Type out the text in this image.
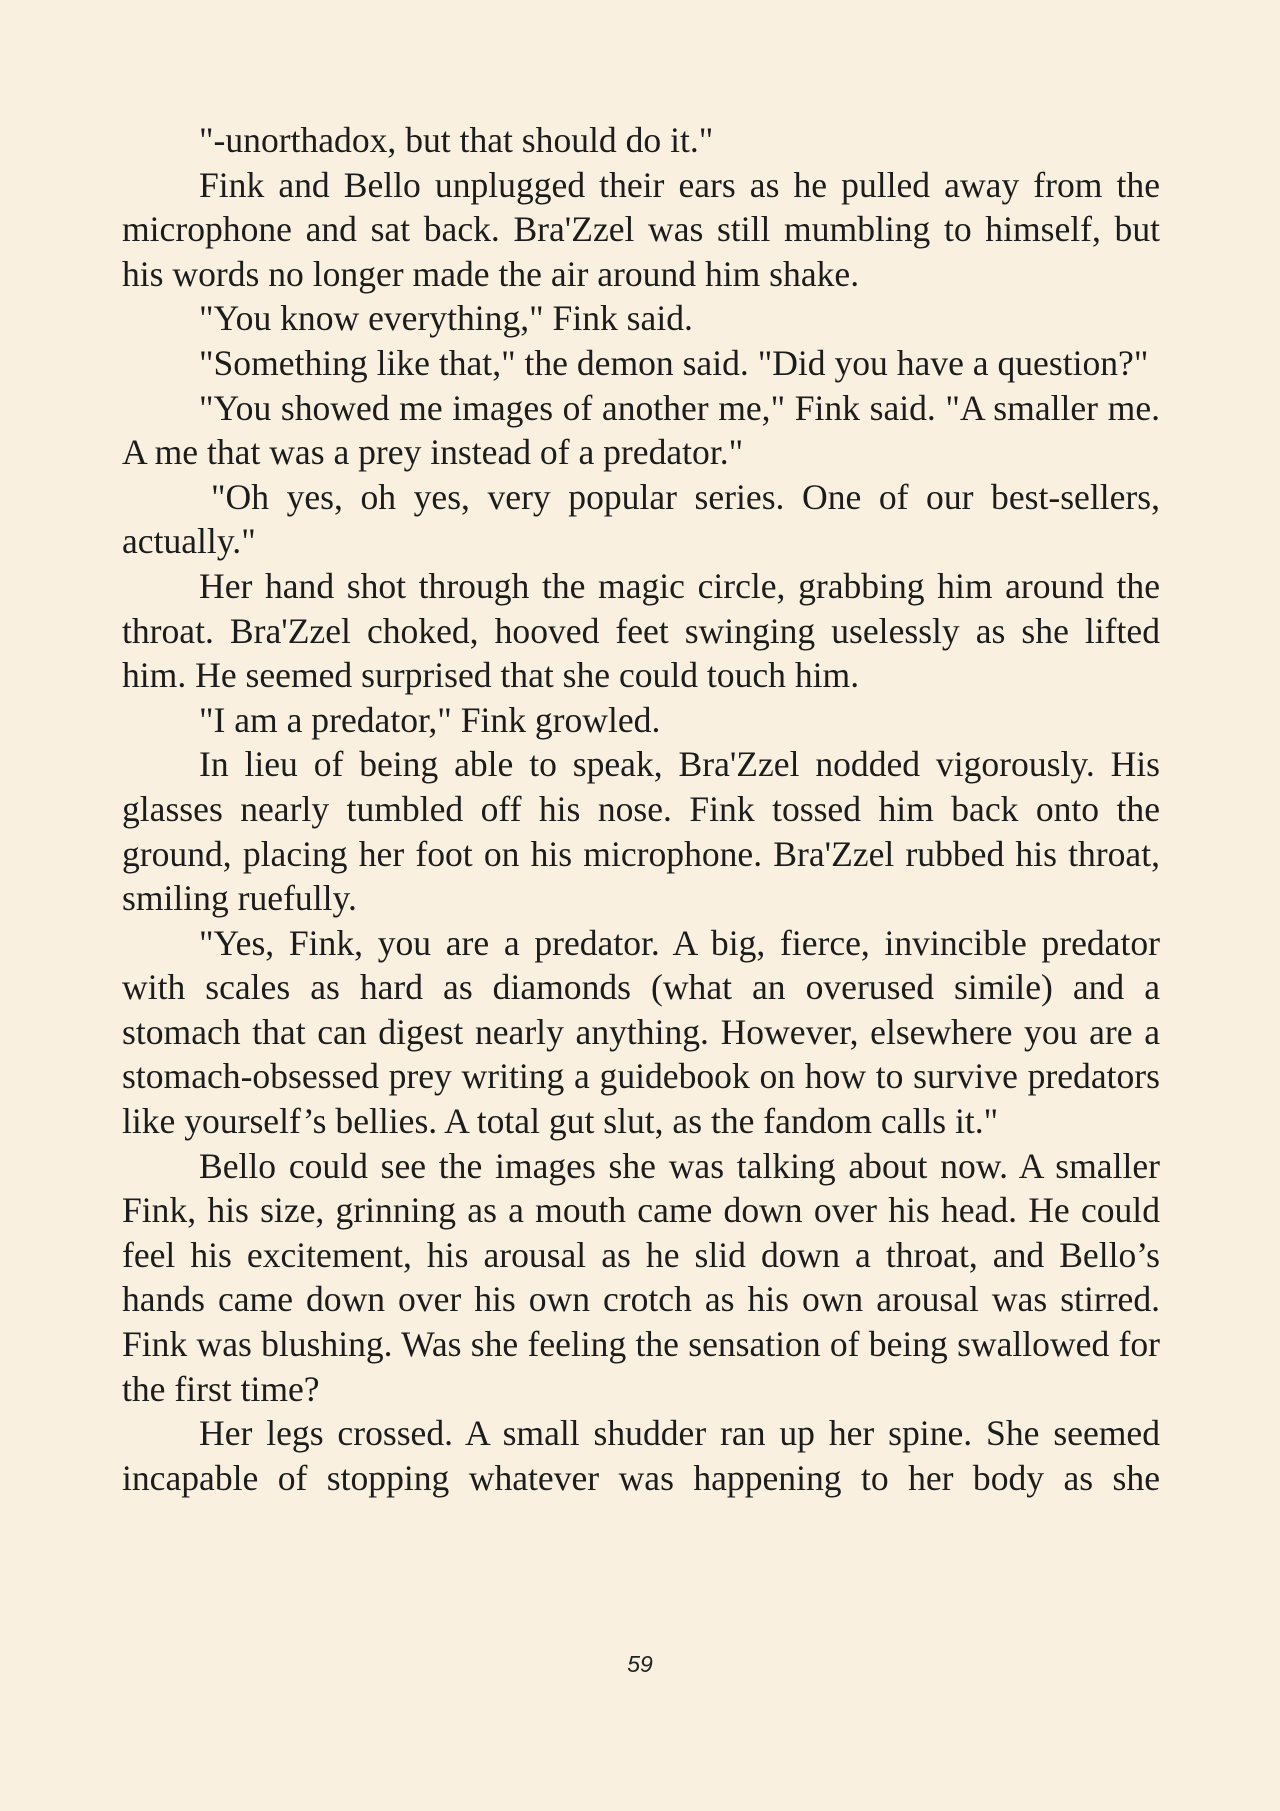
"-unorthadox, but that should do it."

Fink and Bello unplugged their ears as he pulled away from the microphone and sat back. Bra'Zzel was still mumbling to himself, but his words no longer made the air around him shake.

"You know everything," Fink said.

"Something like that," the demon said. "Did you have a question?"

"You showed me images of another me," Fink said. "A smaller me. A me that was a prey instead of a predator."

"Oh yes, oh yes, very popular series. One of our best-sellers, actually."

Her hand shot through the magic circle, grabbing him around the throat. Bra'Zzel choked, hooved feet swinging uselessly as she lifted him. He seemed surprised that she could touch him.

"I am a predator," Fink growled.

In lieu of being able to speak, Bra'Zzel nodded vigorously. His glasses nearly tumbled off his nose. Fink tossed him back onto the ground, placing her foot on his microphone. Bra'Zzel rubbed his throat, smiling ruefully.

"Yes, Fink, you are a predator. A big, fierce, invincible predator with scales as hard as diamonds (what an overused simile) and a stomach that can digest nearly anything. However, elsewhere you are a stomach-obsessed prey writing a guidebook on how to survive predators like yourself’s bellies. A total gut slut, as the fandom calls it."

Bello could see the images she was talking about now. A smaller Fink, his size, grinning as a mouth came down over his head. He could feel his excitement, his arousal as he slid down a throat, and Bello’s hands came down over his own crotch as his own arousal was stirred. Fink was blushing. Was she feeling the sensation of being swallowed for the first time?

Her legs crossed. A small shudder ran up her spine. She seemed incapable of stopping whatever was happening to her body as she

59
